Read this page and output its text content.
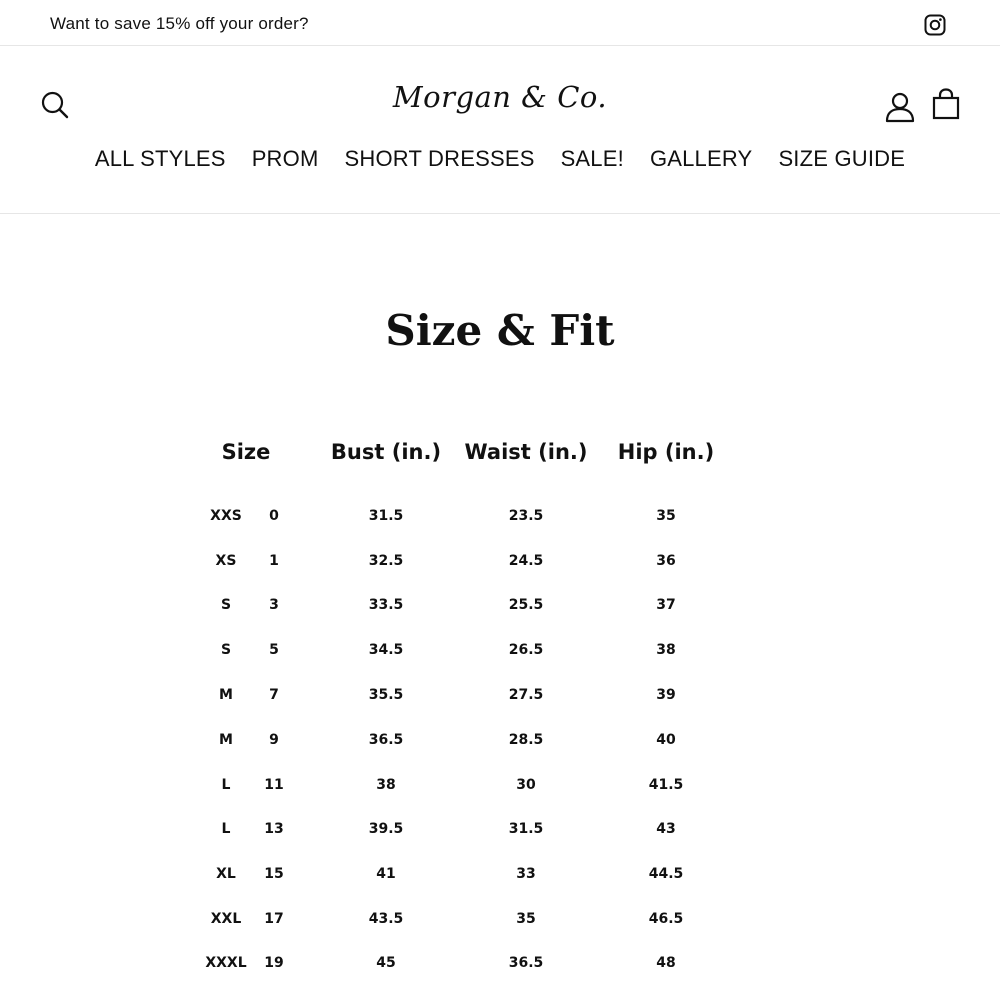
Want to save 15% off your order?
Morgan & Co.
ALL STYLES PROM SHORT DRESSES SALE! GALLERY SIZE GUIDE
Size & Fit
Size	Bust (in.) Waist (in.) Hip (in.)
XXS 0	31.5	23.5	35
XS 1	32.5	24.5	36
S	3	33.5	25.5	37
S	5	34.5	26.5	38
M	7	35.5	27.5	39
M	9	36.5	28.5	40
L 11	38	30	41.5
L 13	39.5	31.5	43
XL 15	41	33	44.5
XXL 17	43.5	35	46.5
XXXL 19	45	36.5	48
